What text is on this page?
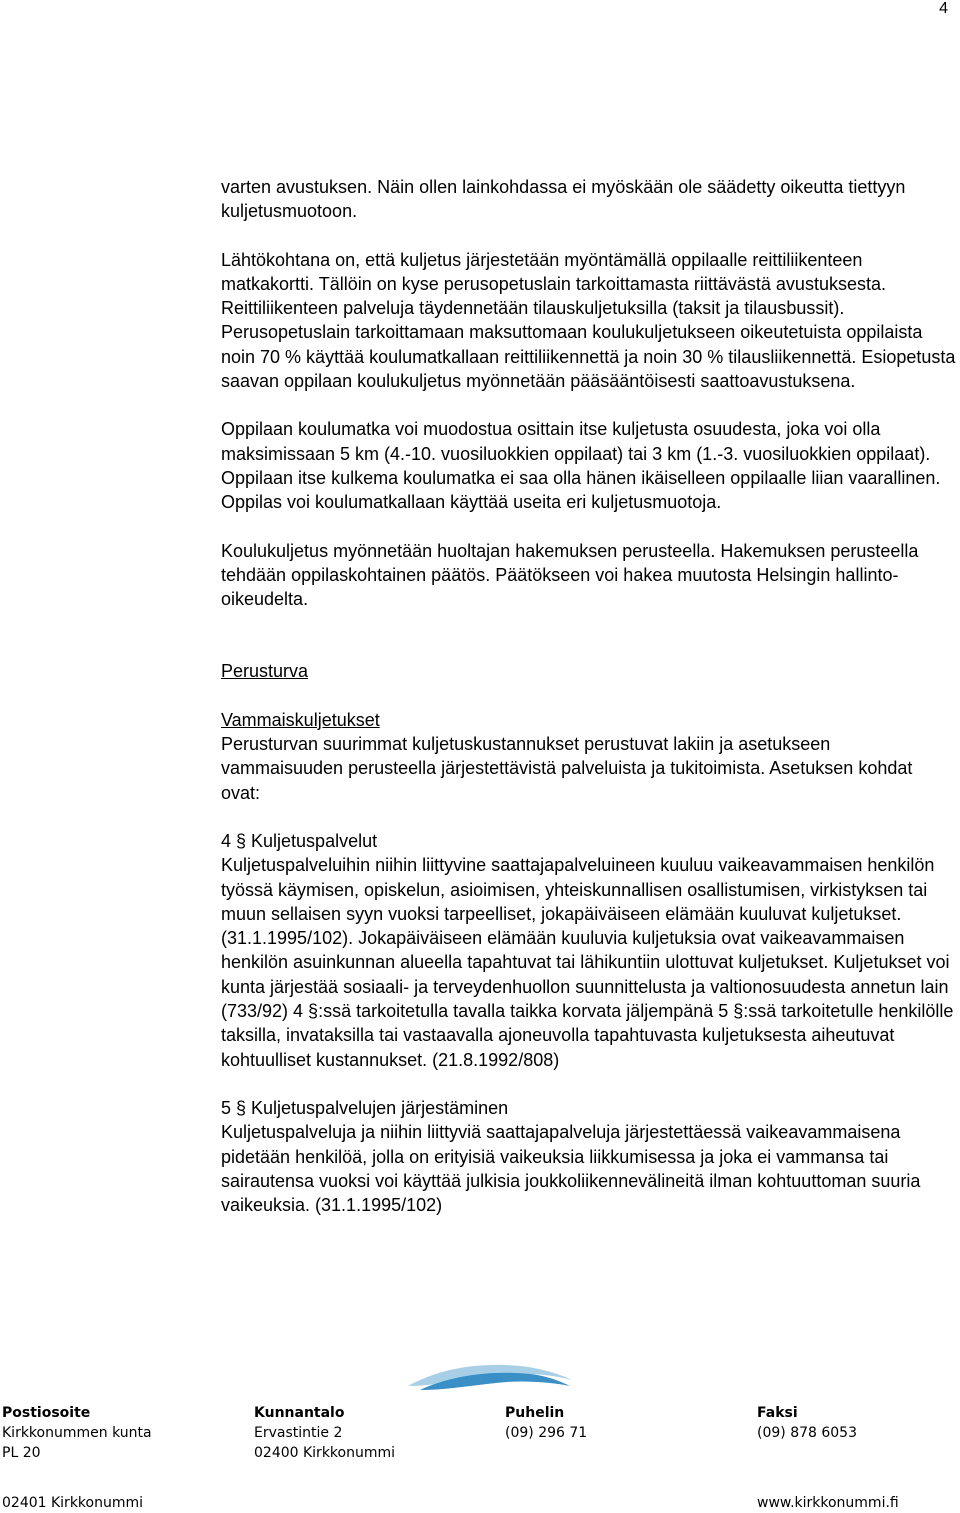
4

varten avustuksen. Näin ollen lainkohdassa ei myöskään ole säädetty oikeutta tiettyyn kuljetusmuotoon.

Lähtökohtana on, että kuljetus järjestetään myöntämällä oppilaalle reittiliikenteen matkakortti. Tällöin on kyse perusopetuslain tarkoittamasta riittävästä avustuksesta. Reittiliikenteen palveluja täydennetään tilauskuljetuksilla (taksit ja tilausbussit). Perusopetuslain tarkoittamaan maksuttomaan koulukuljetukseen oikeutetuista oppilaista noin 70 % käyttää koulumatkallaan reittiliikennettä ja noin 30 % tilausliikennettä. Esiopetusta saavan oppilaan koulukuljetus myönnetään pääsääntöisesti saattoavustuksena.

Oppilaan koulumatka voi muodostua osittain itse kuljetusta osuudesta, joka voi olla maksimissaan 5 km (4.-10. vuosiluokkien oppilaat) tai 3 km (1.-3. vuosiluokkien oppilaat). Oppilaan itse kulkema koulumatka ei saa olla hänen ikäiselleen oppilaalle liian vaarallinen. Oppilas voi koulumatkallaan käyttää useita eri kuljetusmuotoja.

Koulukuljetus myönnetään huoltajan hakemuksen perusteella. Hakemuksen perusteella tehdään oppilaskohtainen päätös. Päätökseen voi hakea muutosta Helsingin hallinto-oikeudelta.

Perusturva

Vammaiskuljetukset

Perusturvan suurimmat kuljetuskustannukset perustuvat lakiin ja asetukseen vammaisuuden perusteella järjestettävistä palveluista ja tukitoimista. Asetuksen kohdat ovat:

4 § Kuljetuspalvelut

Kuljetuspalveluihin niihin liittyvine saattajapalveluineen kuuluu vaikeavammaisen henkilön työssä käymisen, opiskelun, asioimisen, yhteiskunnallisen osallistumisen, virkistyksen tai muun sellaisen syyn vuoksi tarpeelliset, jokapäiväiseen elämään kuuluvat kuljetukset. (31.1.1995/102). Jokapäiväiseen elämään kuuluvia kuljetuksia ovat vaikeavammaisen henkilön asuinkunnan alueella tapahtuvat tai lähikuntiin ulottuvat kuljetukset. Kuljetukset voi kunta järjestää sosiaali- ja terveydenhuollon suunnittelusta ja valtionosuudesta annetun lain (733/92) 4 §:ssä tarkoitetulla tavalla taikka korvata jäljempänä 5 §:ssä tarkoitetulle henkilölle taksilla, invataksilla tai vastaavalla ajoneuvolla tapahtuvasta kuljetuksesta aiheutuvat kohtuulliset kustannukset. (21.8.1992/808)

5 § Kuljetuspalvelujen järjestäminen

Kuljetuspalveluja ja niihin liittyviä saattajapalveluja järjestettäessä vaikeavammaisena pidetään henkilöä, jolla on erityisiä vaikeuksia liikkumisessa ja joka ei vammansa tai sairautensa vuoksi voi käyttää julkisia joukkoliikennevälineitä ilman kohtuuttoman suuria vaikeuksia. (31.1.1995/102)

Postiosoite
Kirkkonummen kunta
PL 20
02401 Kirkkonummi
Kunnantalo
Ervastintie 2
02400 Kirkkonummi
Puhelin
(09) 296 71
Faksi
(09) 878 6053
www.kirkkonummi.fi
